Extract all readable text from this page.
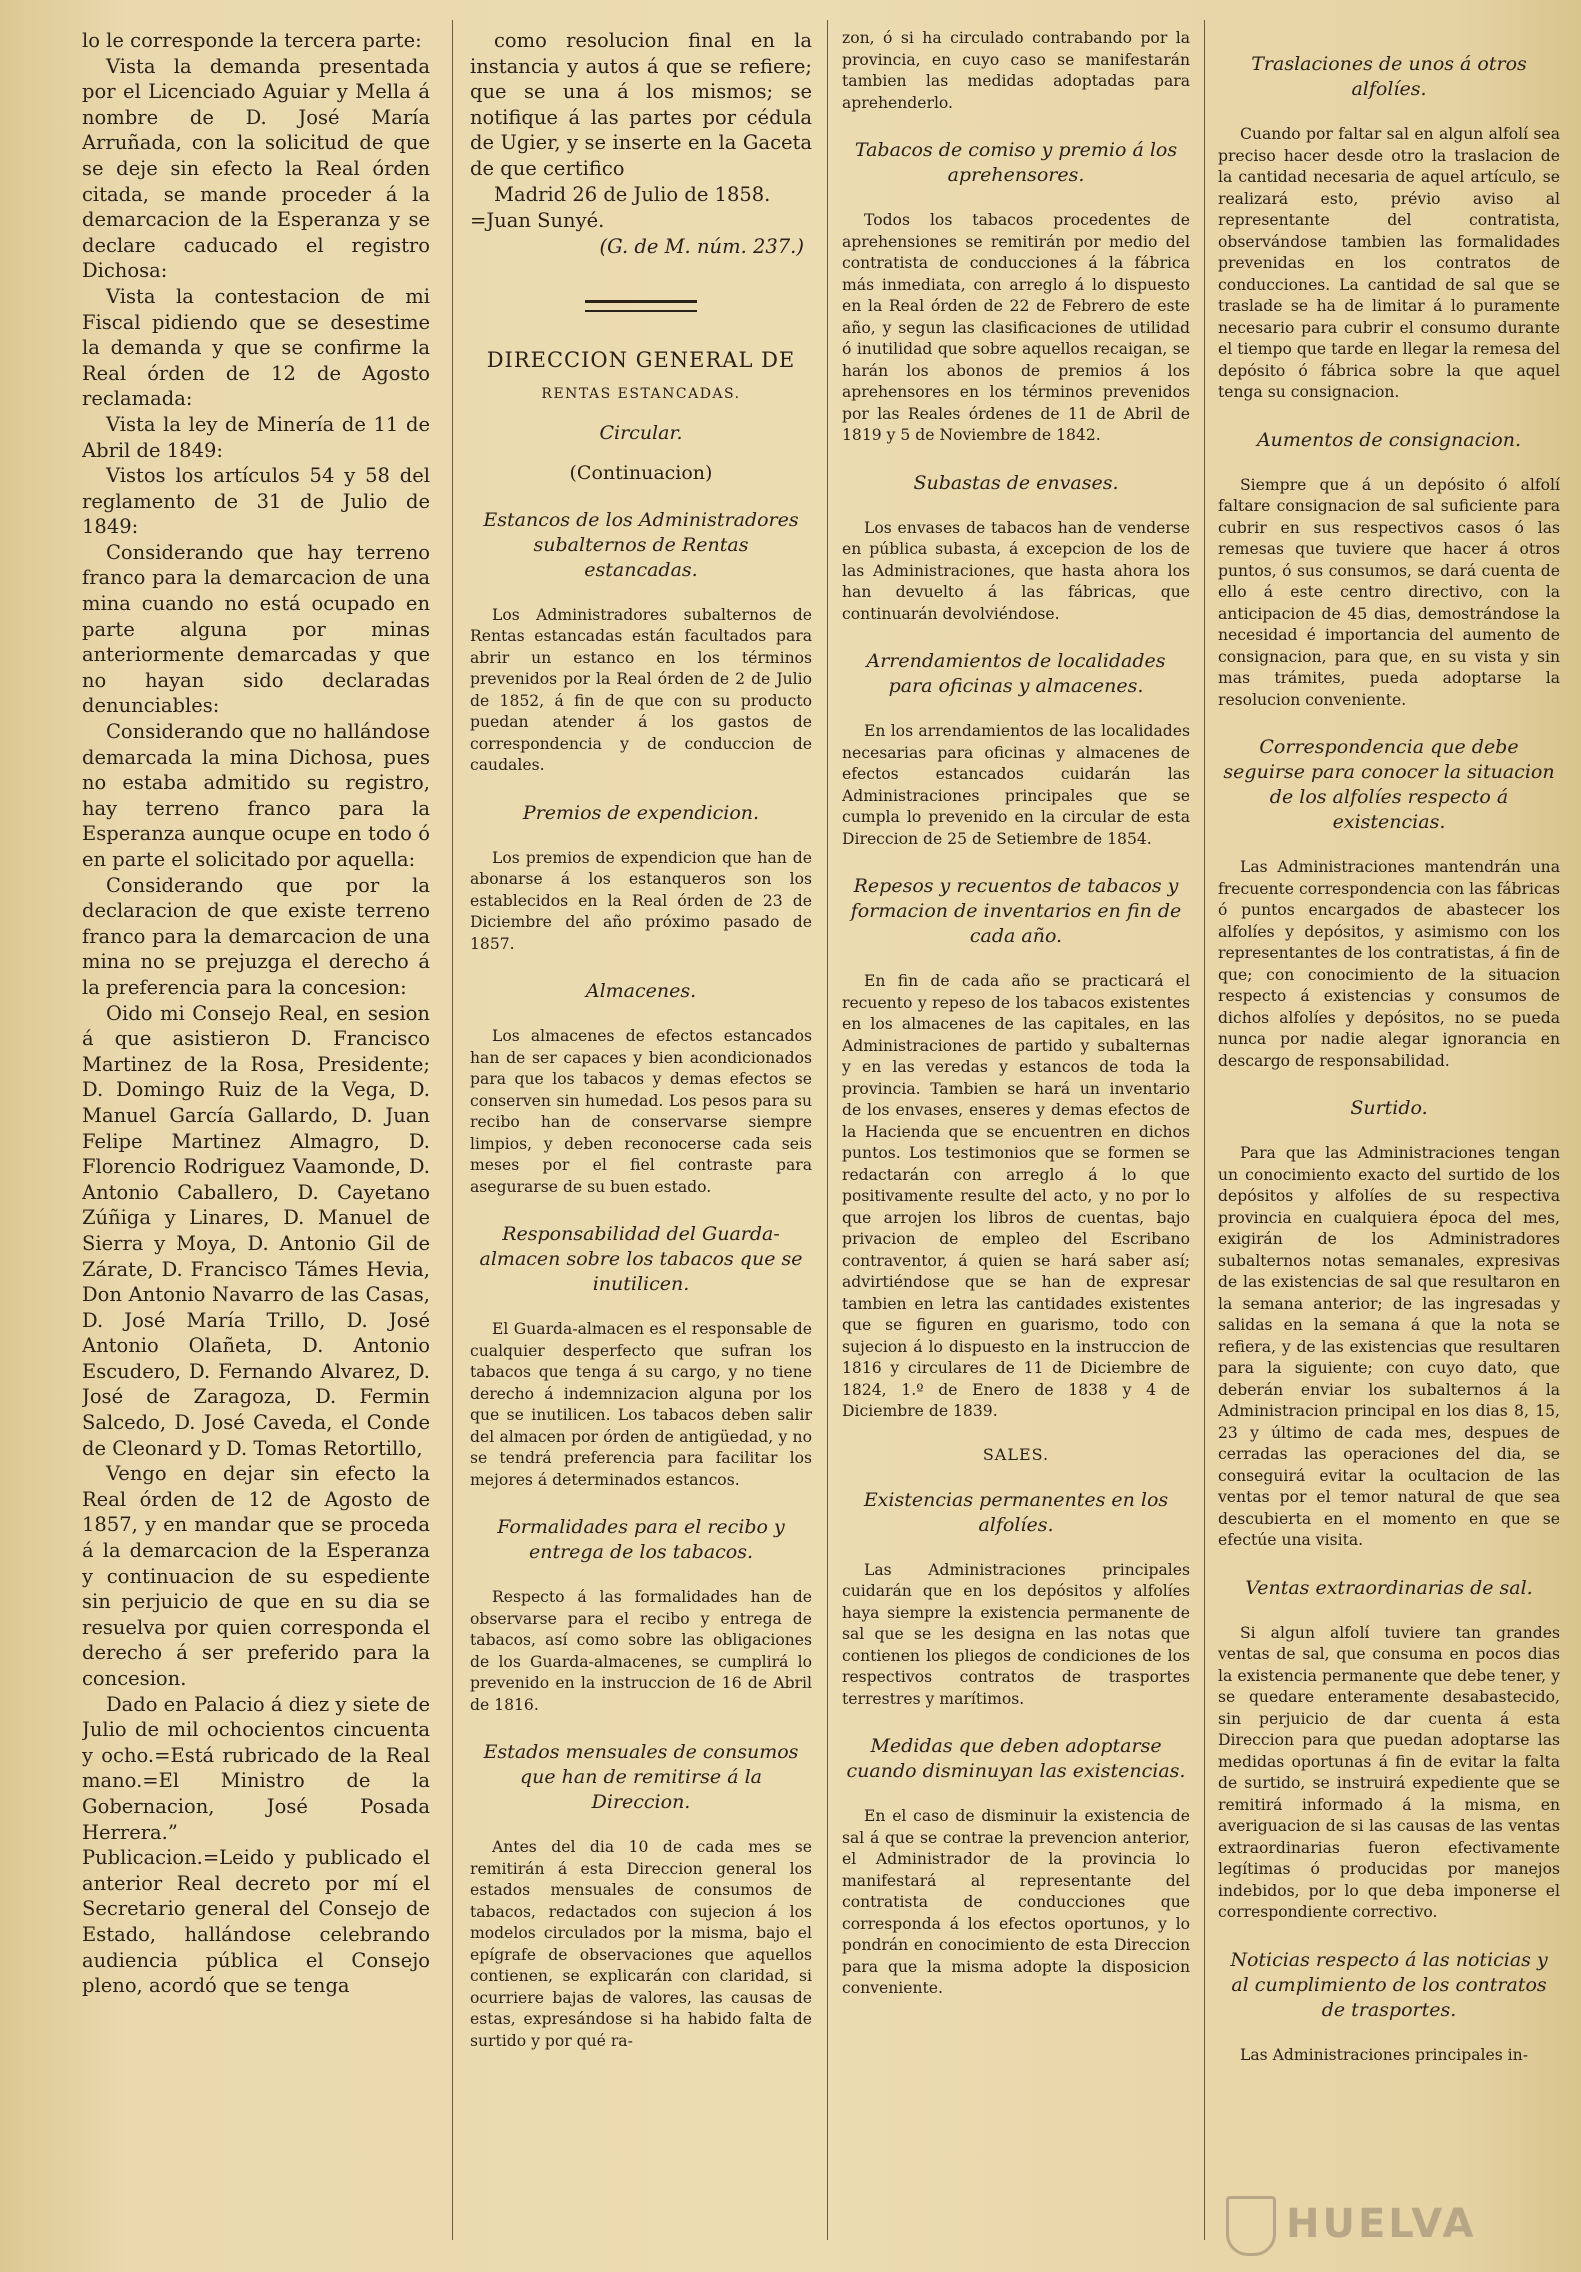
lo le corresponde la tercera parte:

Vista la demanda presentada por el Licenciado Aguiar y Mella á nombre de D. José María Arruñada, con la solicitud de que se deje sin efecto la Real órden citada, se mande proceder á la demarcacion de la Esperanza y se declare caducado el registro Dichosa:

Vista la contestacion de mi Fiscal pidiendo que se desestime la demanda y que se confirme la Real órden de 12 de Agosto reclamada:

Vista la ley de Minería de 11 de Abril de 1849:

Vistos los artículos 54 y 58 del reglamento de 31 de Julio de 1849:

Considerando que hay terreno franco para la demarcacion de una mina cuando no está ocupado en parte alguna por minas anteriormente demarcadas y que no hayan sido declaradas denunciables:

Considerando que no hallándose demarcada la mina Dichosa, pues no estaba admitido su registro, hay terreno franco para la Esperanza aunque ocupe en todo ó en parte el solicitado por aquella:

Considerando que por la declaracion de que existe terreno franco para la demarcacion de una mina no se prejuzga el derecho á la preferencia para la concesion:

Oido mi Consejo Real, en sesion á que asistieron D. Francisco Martinez de la Rosa, Presidente; D. Domingo Ruiz de la Vega, D. Manuel García Gallardo, D. Juan Felipe Martinez Almagro, D. Florencio Rodriguez Vaamonde, D. Antonio Caballero, D. Cayetano Zúñiga y Linares, D. Manuel de Sierra y Moya, D. Antonio Gil de Zárate, D. Francisco Támes Hevia, Don Antonio Navarro de las Casas, D. José María Trillo, D. José Antonio Olañeta, D. Antonio Escudero, D. Fernando Alvarez, D. José de Zaragoza, D. Fermin Salcedo, D. José Caveda, el Conde de Cleonard y D. Tomas Retortillo,

Vengo en dejar sin efecto la Real órden de 12 de Agosto de 1857, y en mandar que se proceda á la demarcacion de la Esperanza y continuacion de su espediente sin perjuicio de que en su dia se resuelva por quien corresponda el derecho á ser preferido para la concesion.

Dado en Palacio á diez y siete de Julio de mil ochocientos cincuenta y ocho.=Está rubricado de la Real mano.=El Ministro de la Gobernacion, José Posada Herrera.”

Publicacion.=Leido y publicado el anterior Real decreto por mí el Secretario general del Consejo de Estado, hallándose celebrando audiencia pública el Consejo pleno, acordó que se tenga

como resolucion final en la instancia y autos á que se refiere; que se una á los mismos; se notifique á las partes por cédula de Ugier, y se inserte en la Gaceta de que certifico

Madrid 26 de Julio de 1858. =Juan Sunyé.
(G. de M. núm. 237.)
DIRECCION GENERAL DE
RENTAS ESTANCADAS.
Circular.
(Continuacion)
Estancos de los Administradores subalternos de Rentas estancadas.

Los Administradores subalternos de Rentas estancadas están facultados para abrir un estanco en los términos prevenidos por la Real órden de 2 de Julio de 1852, á fin de que con su producto puedan atender á los gastos de correspondencia y de conduccion de caudales.

Premios de expendicion.

Los premios de expendicion que han de abonarse á los estanqueros son los establecidos en la Real órden de 23 de Diciembre del año próximo pasado de 1857.

Almacenes.

Los almacenes de efectos estancados han de ser capaces y bien acondicionados para que los tabacos y demas efectos se conserven sin humedad. Los pesos para su recibo han de conservarse siempre limpios, y deben reconocerse cada seis meses por el fiel contraste para asegurarse de su buen estado.

Responsabilidad del Guarda-almacen sobre los tabacos que se inutilicen.

El Guarda-almacen es el responsable de cualquier desperfecto que sufran los tabacos que tenga á su cargo, y no tiene derecho á indemnizacion alguna por los que se inutilicen. Los tabacos deben salir del almacen por órden de antigüedad, y no se tendrá preferencia para facilitar los mejores á determinados estancos.

Formalidades para el recibo y entrega de los tabacos.

Respecto á las formalidades han de observarse para el recibo y entrega de tabacos, así como sobre las obligaciones de los Guarda-almacenes, se cumplirá lo prevenido en la instruccion de 16 de Abril de 1816.

Estados mensuales de consumos que han de remitirse á la Direccion.

Antes del dia 10 de cada mes se remitirán á esta Direccion general los estados mensuales de consumos de tabacos, redactados con sujecion á los modelos circulados por la misma, bajo el epígrafe de observaciones que aquellos contienen, se explicarán con claridad, si ocurriere bajas de valores, las causas de estas, expresándose si ha habido falta de surtido y por qué ra-

zon, ó si ha circulado contrabando por la provincia, en cuyo caso se manifestarán tambien las medidas adoptadas para aprehenderlo.

Tabacos de comiso y premio á los aprehensores.

Todos los tabacos procedentes de aprehensiones se remitirán por medio del contratista de conducciones á la fábrica más inmediata, con arreglo á lo dispuesto en la Real órden de 22 de Febrero de este año, y segun las clasificaciones de utilidad ó inutilidad que sobre aquellos recaigan, se harán los abonos de premios á los aprehensores en los términos prevenidos por las Reales órdenes de 11 de Abril de 1819 y 5 de Noviembre de 1842.

Subastas de envases.

Los envases de tabacos han de venderse en pública subasta, á excepcion de los de las Administraciones, que hasta ahora los han devuelto á las fábricas, que continuarán devolviéndose.

Arrendamientos de localidades para oficinas y almacenes.

En los arrendamientos de las localidades necesarias para oficinas y almacenes de efectos estancados cuidarán las Administraciones principales que se cumpla lo prevenido en la circular de esta Direccion de 25 de Setiembre de 1854.

Repesos y recuentos de tabacos y formacion de inventarios en fin de cada año.

En fin de cada año se practicará el recuento y repeso de los tabacos existentes en los almacenes de las capitales, en las Administraciones de partido y subalternas y en las veredas y estancos de toda la provincia. Tambien se hará un inventario de los envases, enseres y demas efectos de la Hacienda que se encuentren en dichos puntos. Los testimonios que se formen se redactarán con arreglo á lo que positivamente resulte del acto, y no por lo que arrojen los libros de cuentas, bajo privacion de empleo del Escribano contraventor, á quien se hará saber así; advirtiéndose que se han de expresar tambien en letra las cantidades existentes que se figuren en guarismo, todo con sujecion á lo dispuesto en la instruccion de 1816 y circulares de 11 de Diciembre de 1824, 1.º de Enero de 1838 y 4 de Diciembre de 1839.

SALES.
Existencias permanentes en los alfolíes.

Las Administraciones principales cuidarán que en los depósitos y alfolíes haya siempre la existencia permanente de sal que se les designa en las notas que contienen los pliegos de condiciones de los respectivos contratos de trasportes terrestres y marítimos.

Medidas que deben adoptarse cuando disminuyan las existencias.

En el caso de disminuir la existencia de sal á que se contrae la prevencion anterior, el Administrador de la provincia lo manifestará al representante del contratista de conducciones que corresponda á los efectos oportunos, y lo pondrán en conocimiento de esta Direccion para que la misma adopte la disposicion conveniente.

Traslaciones de unos á otros alfolíes.

Cuando por faltar sal en algun alfolí sea preciso hacer desde otro la traslacion de la cantidad necesaria de aquel artículo, se realizará esto, prévio aviso al representante del contratista, observándose tambien las formalidades prevenidas en los contratos de conducciones. La cantidad de sal que se traslade se ha de limitar á lo puramente necesario para cubrir el consumo durante el tiempo que tarde en llegar la remesa del depósito ó fábrica sobre la que aquel tenga su consignacion.

Aumentos de consignacion.

Siempre que á un depósito ó alfolí faltare consignacion de sal suficiente para cubrir en sus respectivos casos ó las remesas que tuviere que hacer á otros puntos, ó sus consumos, se dará cuenta de ello á este centro directivo, con la anticipacion de 45 dias, demostrándose la necesidad é importancia del aumento de consignacion, para que, en su vista y sin mas trámites, pueda adoptarse la resolucion conveniente.

Correspondencia que debe seguirse para conocer la situacion de los alfolíes respecto á existencias.

Las Administraciones mantendrán una frecuente correspondencia con las fábricas ó puntos encargados de abastecer los alfolíes y depósitos, y asimismo con los representantes de los contratistas, á fin de que; con conocimiento de la situacion respecto á existencias y consumos de dichos alfolíes y depósitos, no se pueda nunca por nadie alegar ignorancia en descargo de responsabilidad.

Surtido.

Para que las Administraciones tengan un conocimiento exacto del surtido de los depósitos y alfolíes de su respectiva provincia en cualquiera época del mes, exigirán de los Administradores subalternos notas semanales, expresivas de las existencias de sal que resultaron en la semana anterior; de las ingresadas y salidas en la semana á que la nota se refiera, y de las existencias que resultaren para la siguiente; con cuyo dato, que deberán enviar los subalternos á la Administracion principal en los dias 8, 15, 23 y último de cada mes, despues de cerradas las operaciones del dia, se conseguirá evitar la ocultacion de las ventas por el temor natural de que sea descubierta en el momento en que se efectúe una visita.

Ventas extraordinarias de sal.

Si algun alfolí tuviere tan grandes ventas de sal, que consuma en pocos dias la existencia permanente que debe tener, y se quedare enteramente desabastecido, sin perjuicio de dar cuenta á esta Direccion para que puedan adoptarse las medidas oportunas á fin de evitar la falta de surtido, se instruirá expediente que se remitirá informado á la misma, en averiguacion de si las causas de las ventas extraordinarias fueron efectivamente legítimas ó producidas por manejos indebidos, por lo que deba imponerse el correspondiente correctivo.

Noticias respecto á las noticias y al cumplimiento de los contratos de trasportes.

Las Administraciones principales in-

HUELVA
